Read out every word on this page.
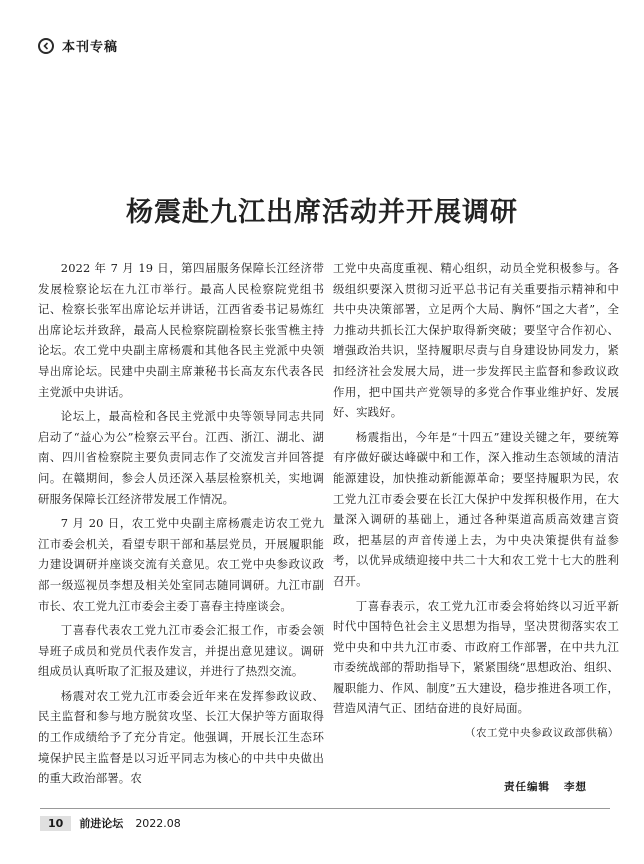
本刊专稿
杨震赴九江出席活动并开展调研

2022 年 7 月 19 日，第四届服务保障长江经济带发展检察论坛在九江市举行。最高人民检察院党组书记、检察长张军出席论坛并讲话，江西省委书记易炼红出席论坛并致辞，最高人民检察院副检察长张雪樵主持论坛。农工党中央副主席杨震和其他各民主党派中央领导出席论坛。民建中央副主席兼秘书长高友东代表各民主党派中央讲话。

论坛上，最高检和各民主党派中央等领导同志共同启动了“益心为公”检察云平台。江西、浙江、湖北、湖南、四川省检察院主要负责同志作了交流发言并回答提问。在赣期间，参会人员还深入基层检察机关，实地调研服务保障长江经济带发展工作情况。

7 月 20 日，农工党中央副主席杨震走访农工党九江市委会机关，看望专职干部和基层党员，开展履职能力建设调研并座谈交流有关意见。农工党中央参政议政部一级巡视员李想及相关处室同志随同调研。九江市副市长、农工党九江市委会主委丁喜春主持座谈会。

丁喜春代表农工党九江市委会汇报工作，市委会领导班子成员和党员代表作发言，并提出意见建议。调研组成员认真听取了汇报及建议，并进行了热烈交流。

杨震对农工党九江市委会近年来在发挥参政议政、民主监督和参与地方脱贫攻坚、长江大保护等方面取得的工作成绩给予了充分肯定。他强调，开展长江生态环境保护民主监督是以习近平同志为核心的中共中央做出的重大政治部署。农

工党中央高度重视、精心组织，动员全党积极参与。各级组织要深入贯彻习近平总书记有关重要指示精神和中共中央决策部署，立足两个大局、胸怀“国之大者”，全力推动共抓长江大保护取得新突破；要坚守合作初心、增强政治共识，坚持履职尽责与自身建设协同发力，紧扣经济社会发展大局，进一步发挥民主监督和参政议政作用，把中国共产党领导的多党合作事业维护好、发展好、实践好。

杨震指出，今年是“十四五”建设关键之年，要统筹有序做好碳达峰碳中和工作，深入推动生态领域的清洁能源建设，加快推动新能源革命；要坚持履职为民，农工党九江市委会要在长江大保护中发挥积极作用，在大量深入调研的基础上，通过各种渠道高质高效建言资政，把基层的声音传递上去，为中央决策提供有益参考，以优异成绩迎接中共二十大和农工党十七大的胜利召开。

丁喜春表示，农工党九江市委会将始终以习近平新时代中国特色社会主义思想为指导，坚决贯彻落实农工党中央和中共九江市委、市政府工作部署，在中共九江市委统战部的帮助指导下，紧紧围绕“思想政治、组织、履职能力、作风、制度”五大建设，稳步推进各项工作，营造风清气正、团结奋进的良好局面。

（农工党中央参政议政部供稿）
责任编辑 李想
10	前进论坛 2022.08
